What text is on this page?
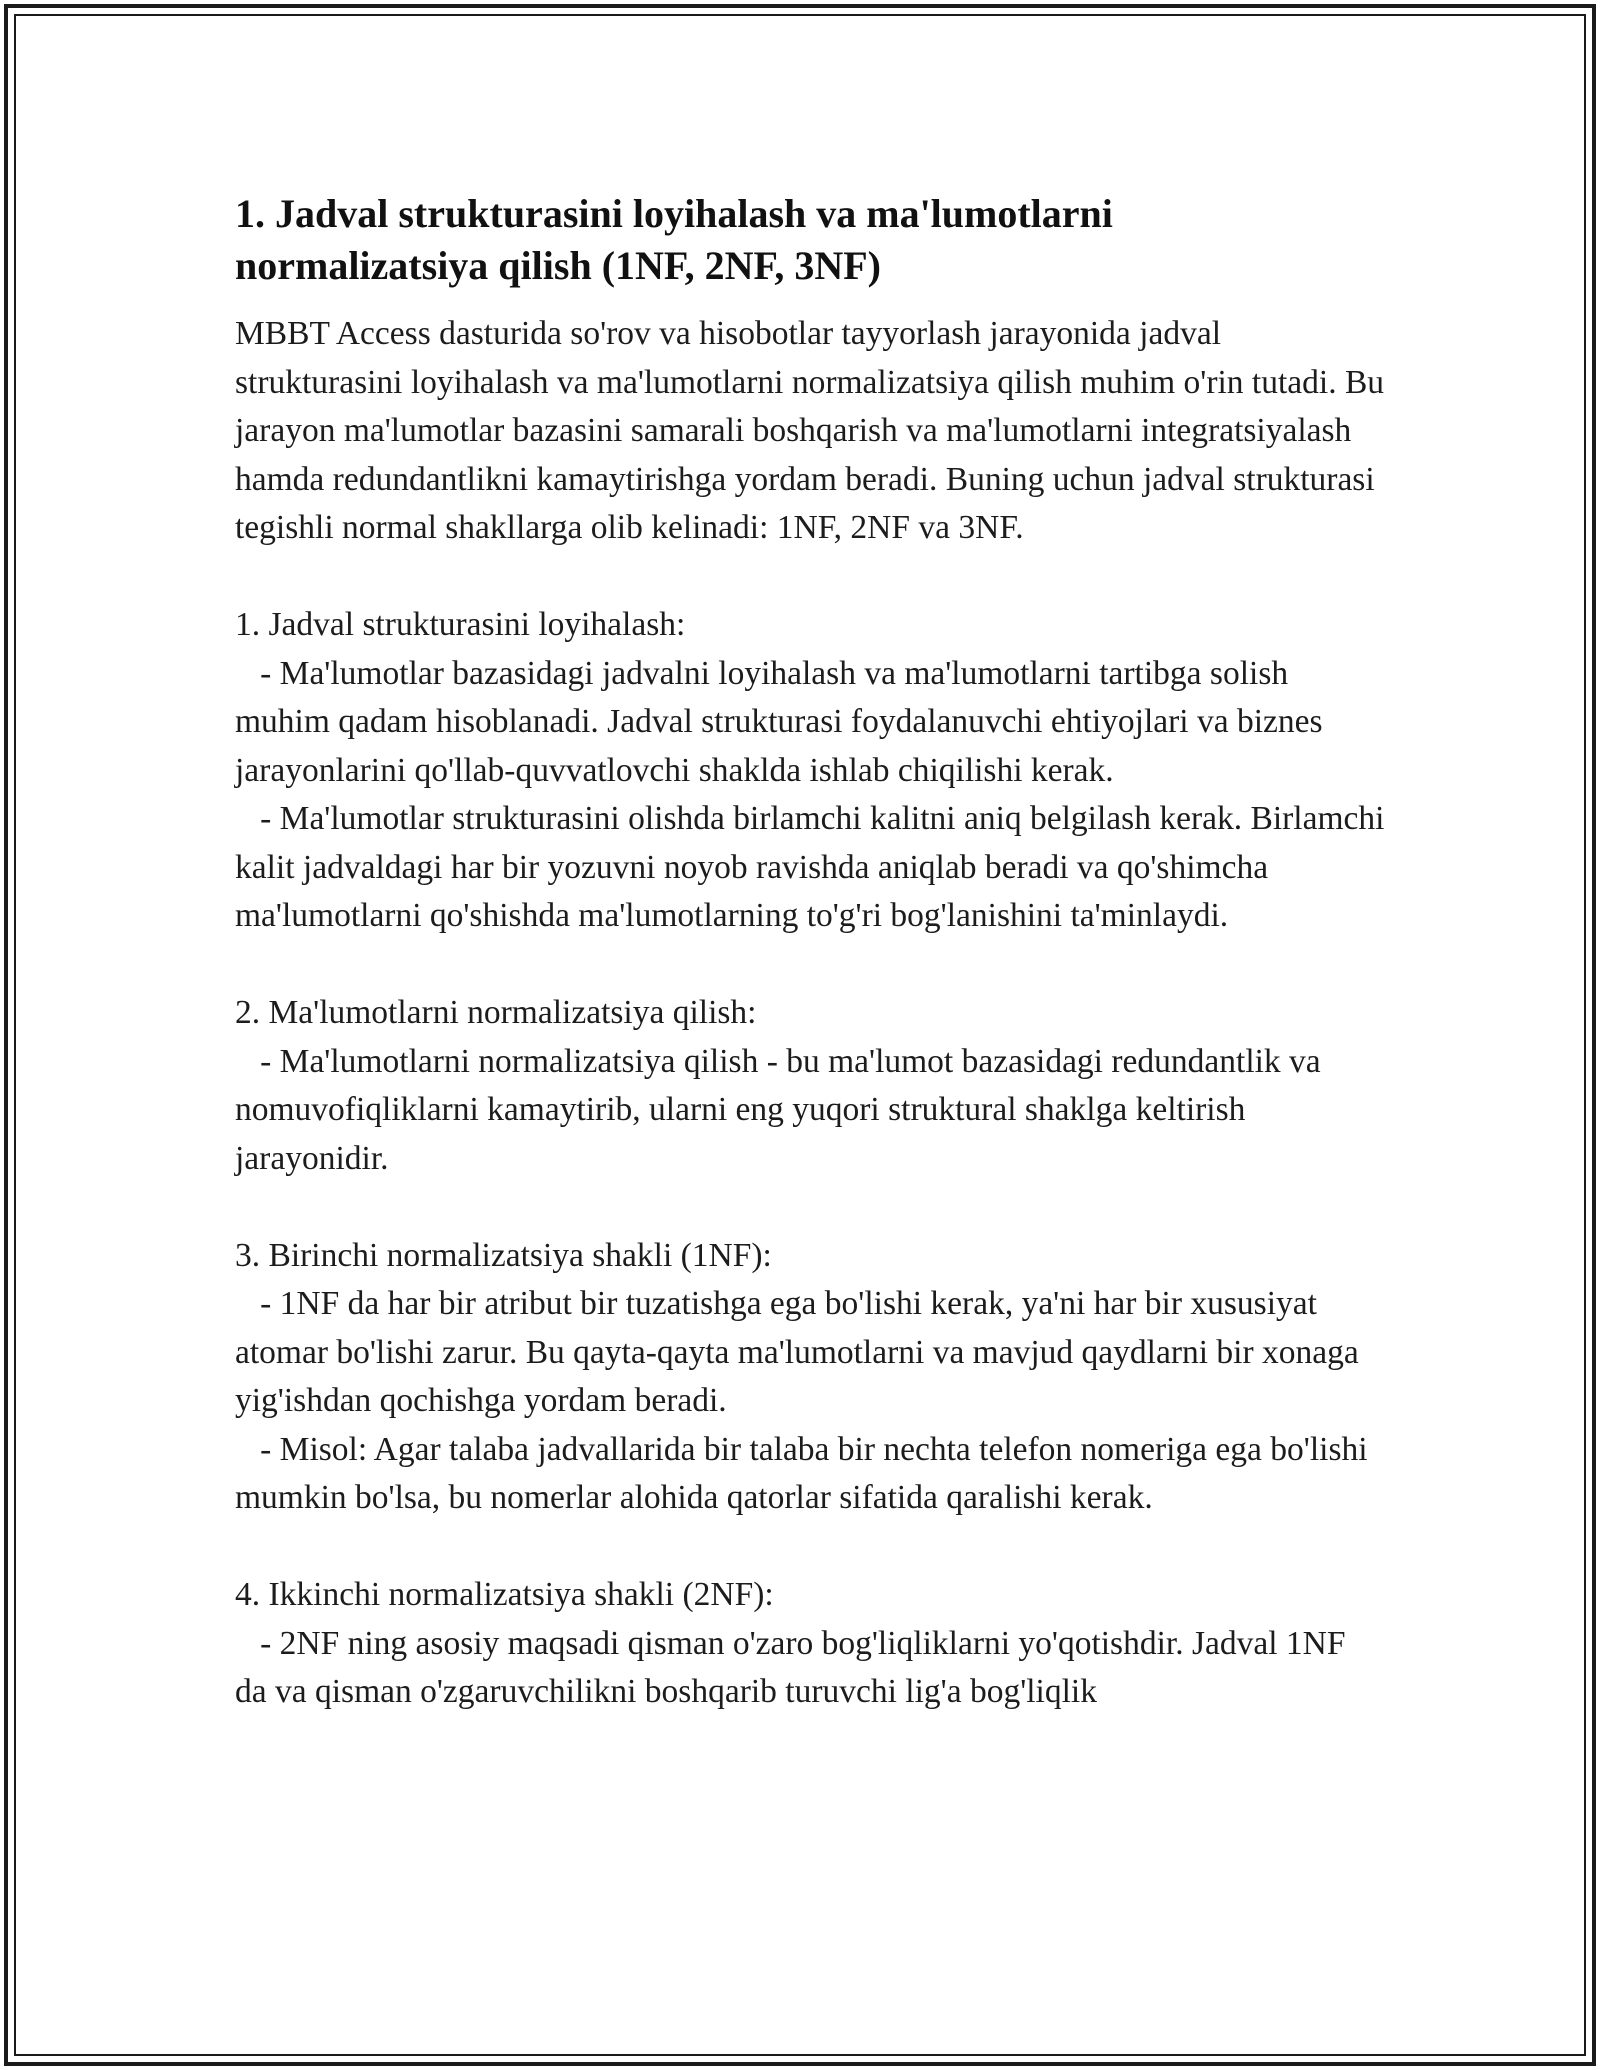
1. Jadval strukturasini loyihalash va ma'lumotlarni normalizatsiya qilish (1NF, 2NF, 3NF)

MBBT Access dasturida so'rov va hisobotlar tayyorlash jarayonida jadval strukturasini loyihalash va ma'lumotlarni normalizatsiya qilish muhim o'rin tutadi. Bu jarayon ma'lumotlar bazasini samarali boshqarish va ma'lumotlarni integratsiyalash hamda redundantlikni kamaytirishga yordam beradi. Buning uchun jadval strukturasi tegishli normal shakllarga olib kelinadi: 1NF, 2NF va 3NF.

1. Jadval strukturasini loyihalash:

- Ma'lumotlar bazasidagi jadvalni loyihalash va ma'lumotlarni tartibga solish muhim qadam hisoblanadi. Jadval strukturasi foydalanuvchi ehtiyojlari va biznes jarayonlarini qo'llab-quvvatlovchi shaklda ishlab chiqilishi kerak.

- Ma'lumotlar strukturasini olishda birlamchi kalitni aniq belgilash kerak. Birlamchi kalit jadvaldagi har bir yozuvni noyob ravishda aniqlab beradi va qo'shimcha ma'lumotlarni qo'shishda ma'lumotlarning to'g'ri bog'lanishini ta'minlaydi.

2. Ma'lumotlarni normalizatsiya qilish:

- Ma'lumotlarni normalizatsiya qilish - bu ma'lumot bazasidagi redundantlik va nomuvofiqliklarni kamaytirib, ularni eng yuqori struktural shaklga keltirish jarayonidir.

3. Birinchi normalizatsiya shakli (1NF):

- 1NF da har bir atribut bir tuzatishga ega bo'lishi kerak, ya'ni har bir xususiyat atomar bo'lishi zarur. Bu qayta-qayta ma'lumotlarni va mavjud qaydlarni bir xonaga yig'ishdan qochishga yordam beradi.

- Misol: Agar talaba jadvallarida bir talaba bir nechta telefon nomeriga ega bo'lishi mumkin bo'lsa, bu nomerlar alohida qatorlar sifatida qaralishi kerak.

4. Ikkinchi normalizatsiya shakli (2NF):

- 2NF ning asosiy maqsadi qisman o'zaro bog'liqliklarni yo'qotishdir. Jadval 1NF da va qisman o'zgaruvchilikni boshqarib turuvchi lig'a bog'liqlik
